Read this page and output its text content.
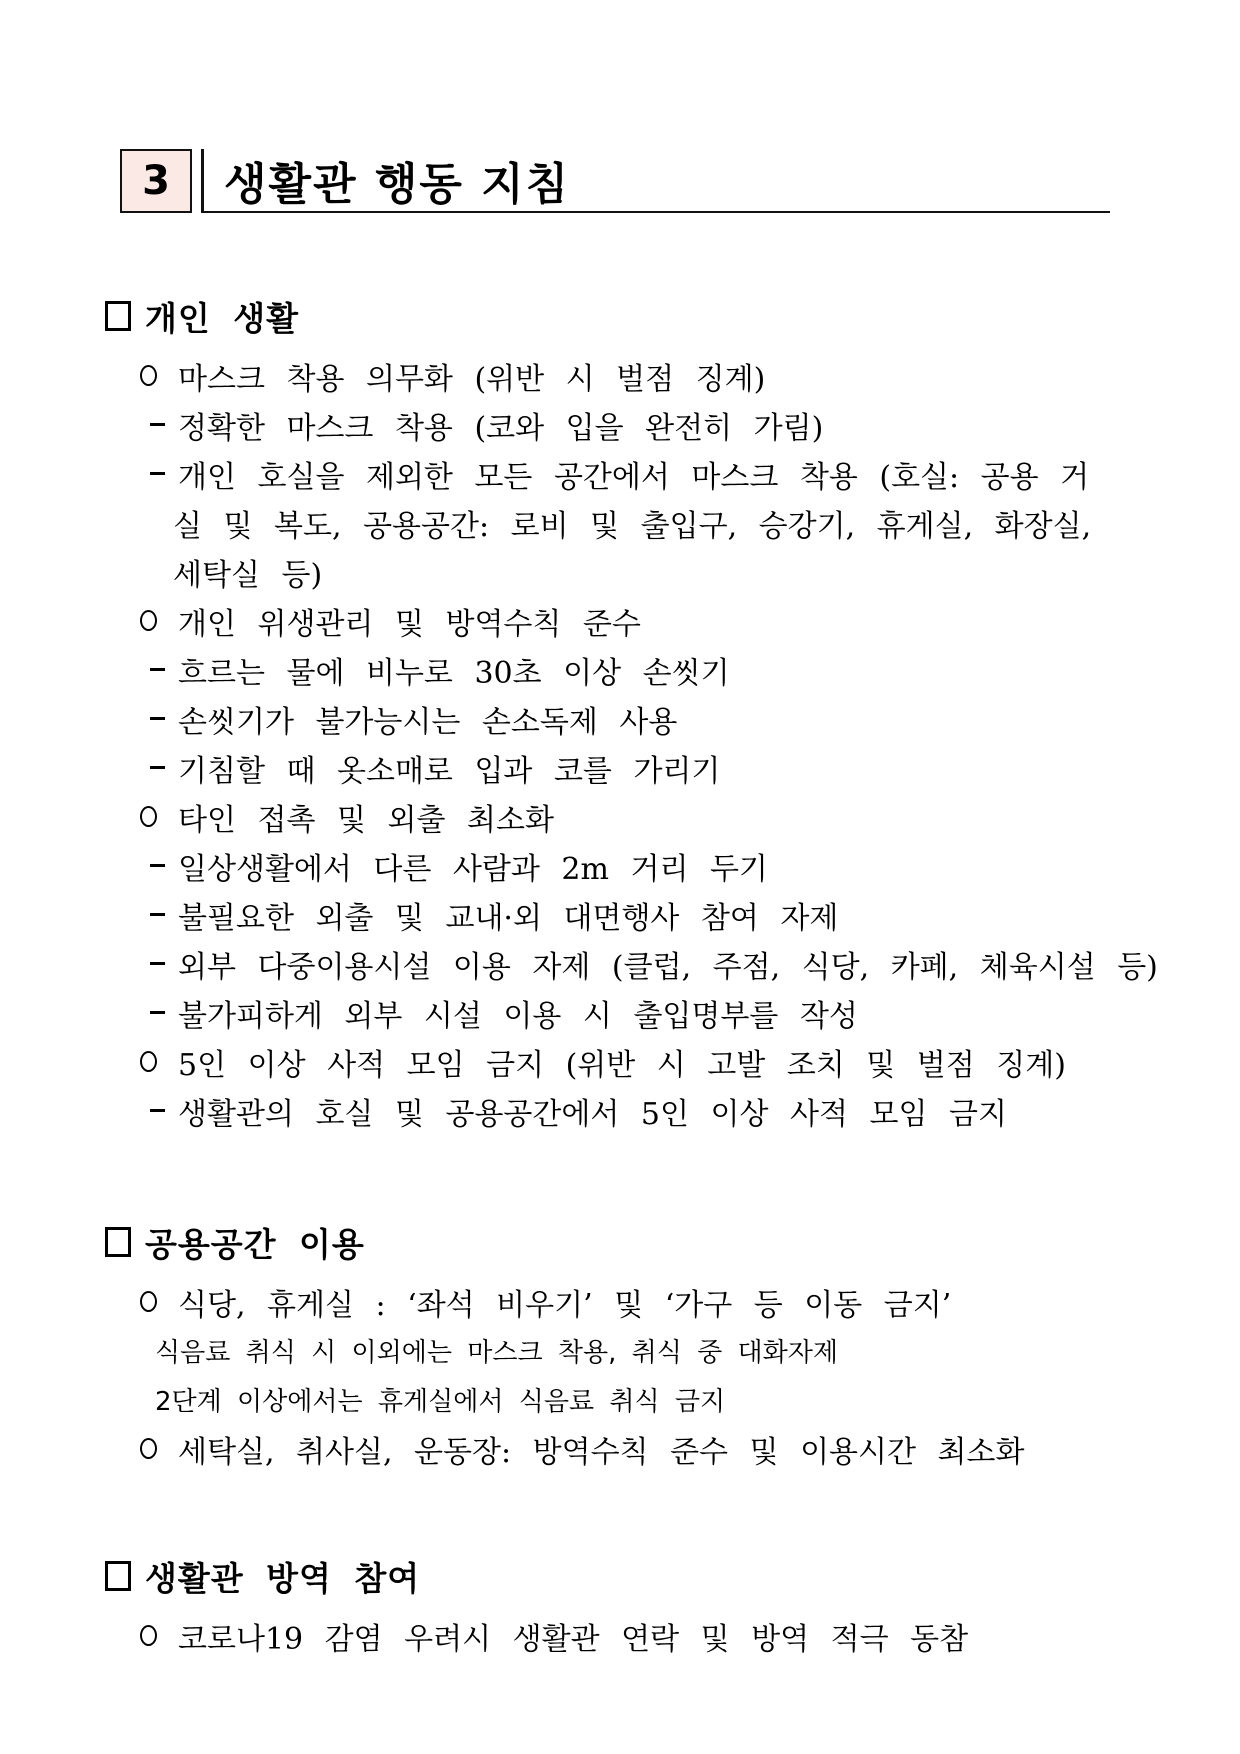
3 생활관 행동 지침
개인 생활
마스크 착용 의무화 (위반 시 벌점 징계)
정확한 마스크 착용 (코와 입을 완전히 가림)
개인 호실을 제외한 모든 공간에서 마스크 착용 (호실: 공용 거
실 및 복도, 공용공간: 로비 및 출입구, 승강기, 휴게실, 화장실,
세탁실 등)
개인 위생관리 및 방역수칙 준수
흐르는 물에 비누로 30초 이상 손씻기
손씻기가 불가능시는 손소독제 사용
기침할 때 옷소매로 입과 코를 가리기
타인 접촉 및 외출 최소화
일상생활에서 다른 사람과 2m 거리 두기
불필요한 외출 및 교내·외 대면행사 참여 자제
외부 다중이용시설 이용 자제 (클럽, 주점, 식당, 카페, 체육시설 등)
불가피하게 외부 시설 이용 시 출입명부를 작성
5인 이상 사적 모임 금지 (위반 시 고발 조치 및 벌점 징계)
생활관의 호실 및 공용공간에서 5인 이상 사적 모임 금지
공용공간 이용
식당, 휴게실 : ‘좌석 비우기’ 및 ‘가구 등 이동 금지’
식음료 취식 시 이외에는 마스크 착용, 취식 중 대화자제
2단계 이상에서는 휴게실에서 식음료 취식 금지
세탁실, 취사실, 운동장: 방역수칙 준수 및 이용시간 최소화
생활관 방역 참여
코로나19 감염 우려시 생활관 연락 및 방역 적극 동참
